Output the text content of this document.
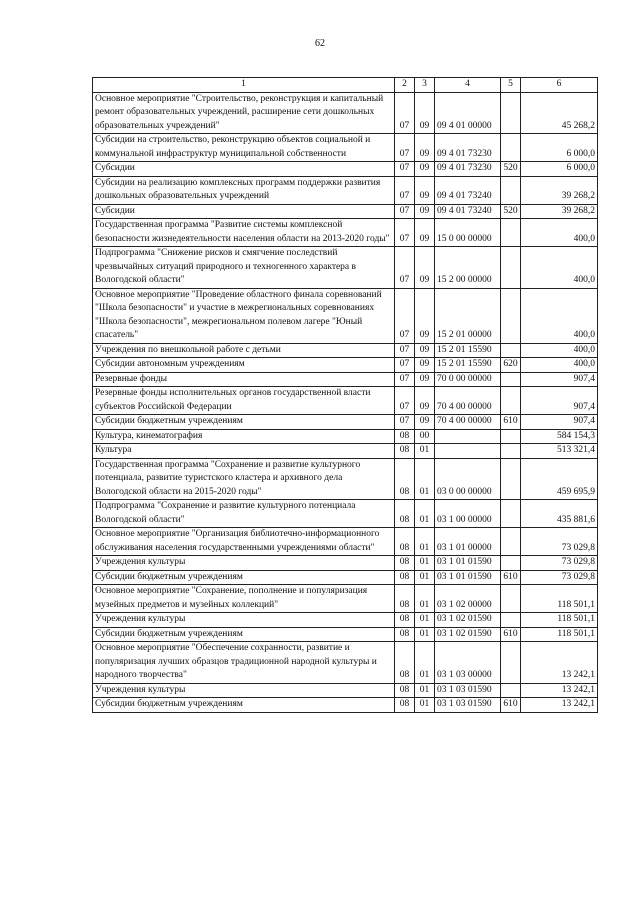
62
1	2	3	4	5	6
Основное мероприятие "Строительство, реконструкция и капитальный ремонт образовательных учреждений, расширение сети дошкольных образовательных учреждений"	07	09	09 4 01 00000		45 268,2
Субсидии на строительство, реконструкцию объектов социальной и коммунальной инфраструктур муниципальной собственности	07	09	09 4 01 73230		6 000,0
Субсидии	07	09	09 4 01 73230	520	6 000,0
Субсидии на реализацию комплексных программ поддержки развития дошкольных образовательных учреждений	07	09	09 4 01 73240		39 268,2
Субсидии	07	09	09 4 01 73240	520	39 268,2
Государственная программа "Развитие системы комплексной безопасности жизнедеятельности населения области на 2013-2020 годы"	07	09	15 0 00 00000		400,0
Подпрограмма "Снижение рисков и смягчение последствий чрезвычайных ситуаций природного и техногенного характера в Вологодской области"	07	09	15 2 00 00000		400,0
Основное мероприятие "Проведение областного финала соревнований "Школа безопасности" и участие в межрегиональных соревнованиях "Школа безопасности", межрегиональном полевом лагере "Юный спасатель"	07	09	15 2 01 00000		400,0
Учреждения по внешкольной работе с детьми	07	09	15 2 01 15590		400,0
Субсидии автономным учреждениям	07	09	15 2 01 15590	620	400,0
Резервные фонды	07	09	70 0 00 00000		907,4
Резервные фонды исполнительных органов государственной власти субъектов Российской Федерации	07	09	70 4 00 00000		907,4
Субсидии бюджетным учреждениям	07	09	70 4 00 00000	610	907,4
Культура, кинематография	08	00			584 154,3
Культура	08	01			513 321,4
Государственная программа "Сохранение и развитие культурного потенциала, развитие туристского кластера и архивного дела Вологодской области на 2015-2020 годы"	08	01	03 0 00 00000		459 695,9
Подпрограмма "Сохранение и развитие культурного потенциала Вологодской области"	08	01	03 1 00 00000		435 881,6
Основное мероприятие "Организация библиотечно-информационного обслуживания населения государственными учреждениями области"	08	01	03 1 01 00000		73 029,8
Учреждения культуры	08	01	03 1 01 01590		73 029,8
Субсидии бюджетным учреждениям	08	01	03 1 01 01590	610	73 029,8
Основное мероприятие "Сохранение, пополнение и популяризация музейных предметов и музейных коллекций"	08	01	03 1 02 00000		118 501,1
Учреждения культуры	08	01	03 1 02 01590		118 501,1
Субсидии бюджетным учреждениям	08	01	03 1 02 01590	610	118 501,1
Основное мероприятие "Обеспечение сохранности, развитие и популяризация лучших образцов традиционной народной культуры и народного творчества"	08	01	03 1 03 00000		13 242,1
Учреждения культуры	08	01	03 1 03 01590		13 242,1
Субсидии бюджетным учреждениям	08	01	03 1 03 01590	610	13 242,1
